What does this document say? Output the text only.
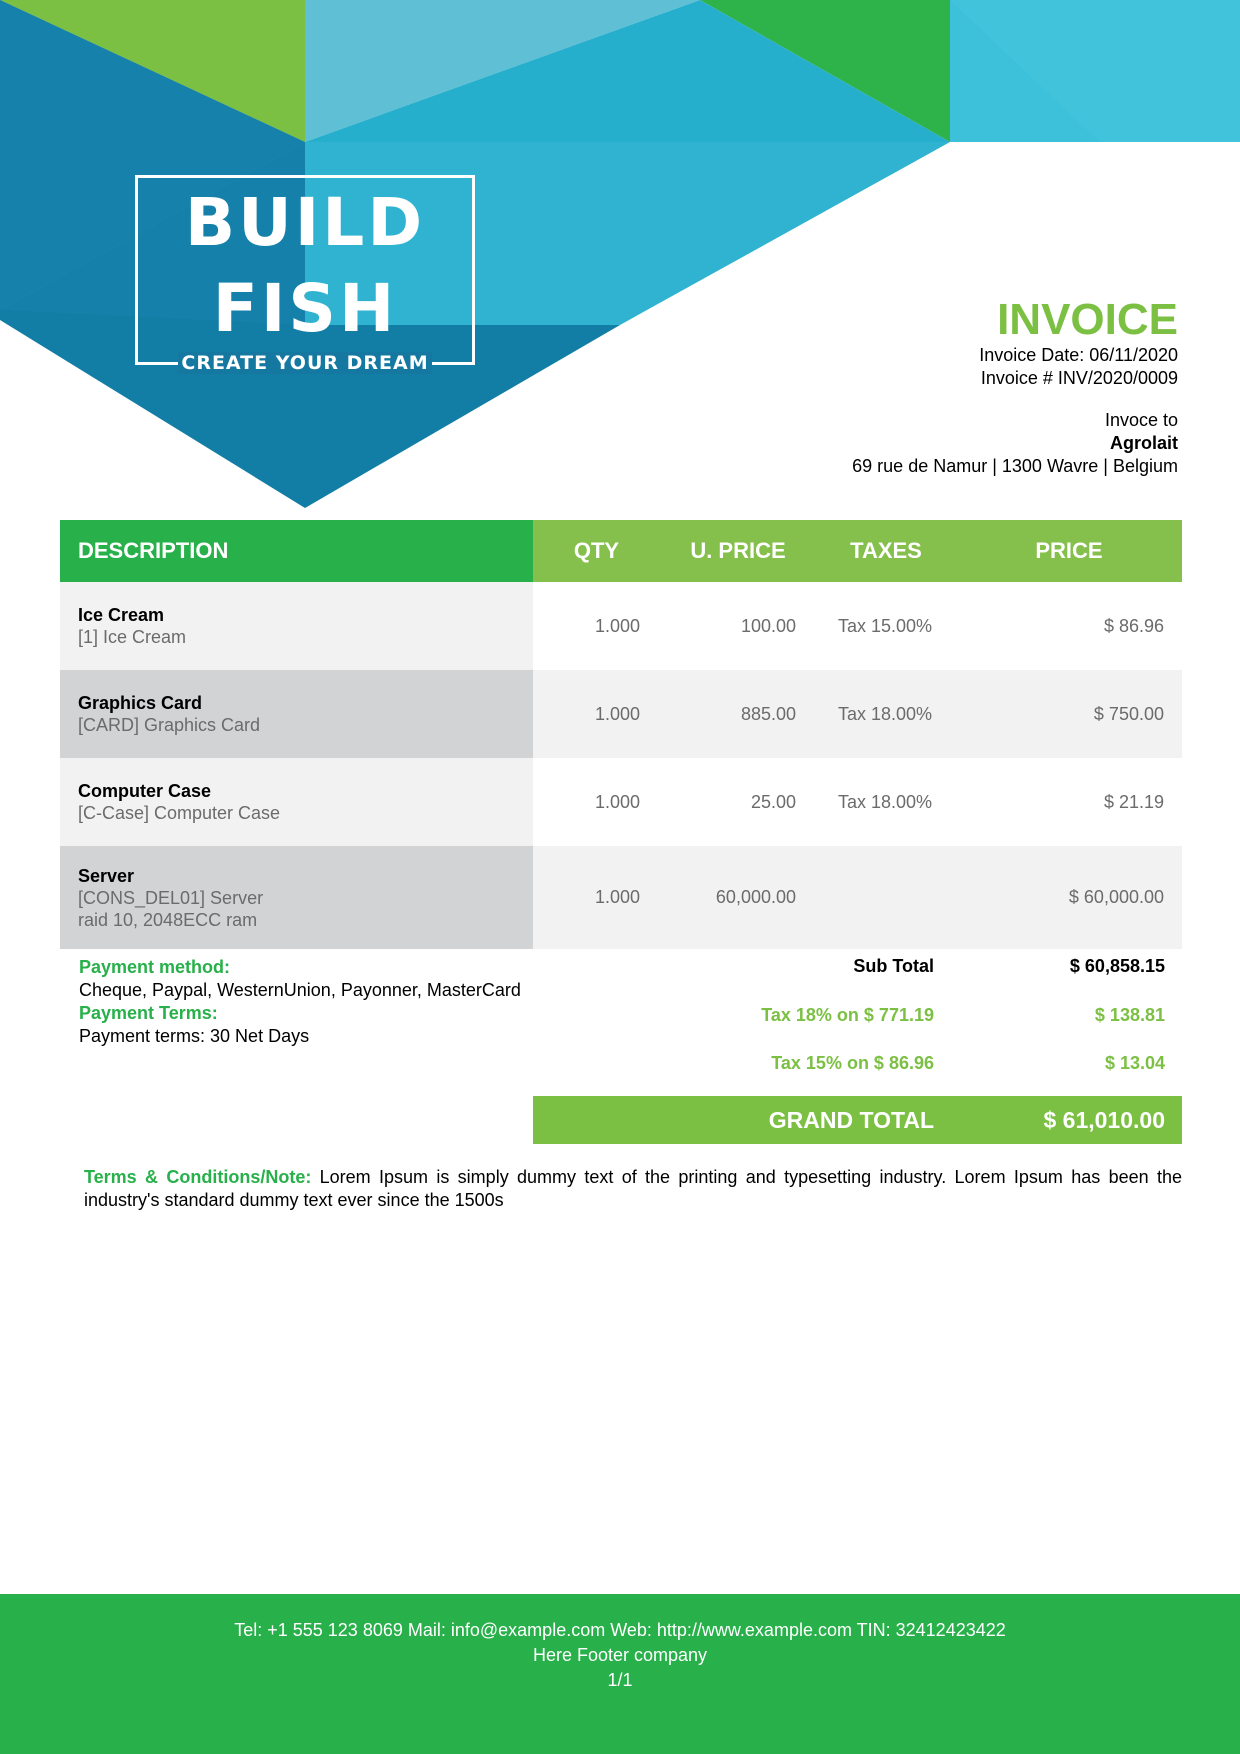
BUILD
FISH
CREATE YOUR DREAM
INVOICE
Invoice Date: 06/11/2020
Invoice # INV/2020/0009
Invoce to
Agrolait
69 rue de Namur | 1300 Wavre | Belgium
DESCRIPTION	QTY	U. PRICE	TAXES	PRICE

Ice Cream
[1] Ice Cream	1.000	100.00	Tax 15.00%	$ 86.96

Graphics Card
[CARD] Graphics Card	1.000	885.00	Tax 18.00%	$ 750.00

Computer Case
[C-Case] Computer Case	1.000	25.00	Tax 18.00%	$ 21.19

Server
[CONS_DEL01] Server
raid 10, 2048ECC ram	1.000	60,000.00		$ 60,000.00
Payment method:
Cheque, Paypal, WesternUnion, Payonner, MasterCard
Payment Terms:
Payment terms: 30 Net Days
Sub Total	$ 60,858.15
Tax 18% on $ 771.19	$ 138.81
Tax 15% on $ 86.96	$ 13.04
GRAND TOTAL	$ 61,010.00
Terms & Conditions/Note: Lorem Ipsum is simply dummy text of the printing and typesetting industry. Lorem Ipsum has been the industry's standard dummy text ever since the 1500s
Tel: +1 555 123 8069 Mail: info@example.com Web: http://www.example.com TIN: 32412423422
Here Footer company
1/1
